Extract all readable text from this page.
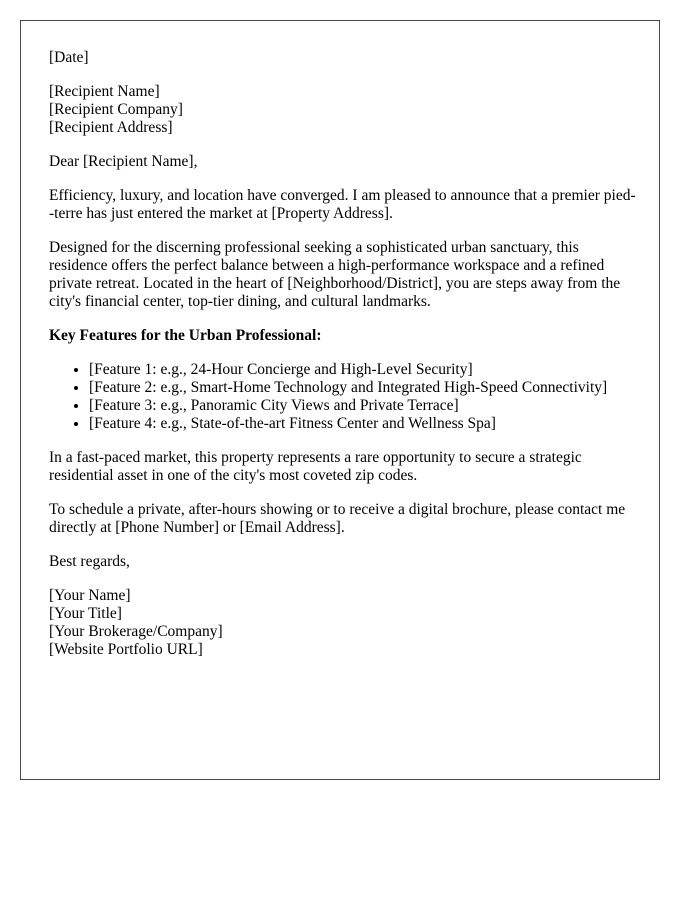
[Date]

[Recipient Name]
[Recipient Company]
[Recipient Address]

Dear [Recipient Name],

Efficiency, luxury, and location have converged. I am pleased to announce that a premier pied--terre has just entered the market at [Property Address].

Designed for the discerning professional seeking a sophisticated urban sanctuary, this residence offers the perfect balance between a high-performance workspace and a refined private retreat. Located in the heart of [Neighborhood/District], you are steps away from the city's financial center, top-tier dining, and cultural landmarks.

Key Features for the Urban Professional:

• [Feature 1: e.g., 24-Hour Concierge and High-Level Security]
• [Feature 2: e.g., Smart-Home Technology and Integrated High-Speed Connectivity]
• [Feature 3: e.g., Panoramic City Views and Private Terrace]
• [Feature 4: e.g., State-of-the-art Fitness Center and Wellness Spa]

In a fast-paced market, this property represents a rare opportunity to secure a strategic residential asset in one of the city's most coveted zip codes.

To schedule a private, after-hours showing or to receive a digital brochure, please contact me directly at [Phone Number] or [Email Address].

Best regards,

[Your Name]
[Your Title]
[Your Brokerage/Company]
[Website Portfolio URL]
